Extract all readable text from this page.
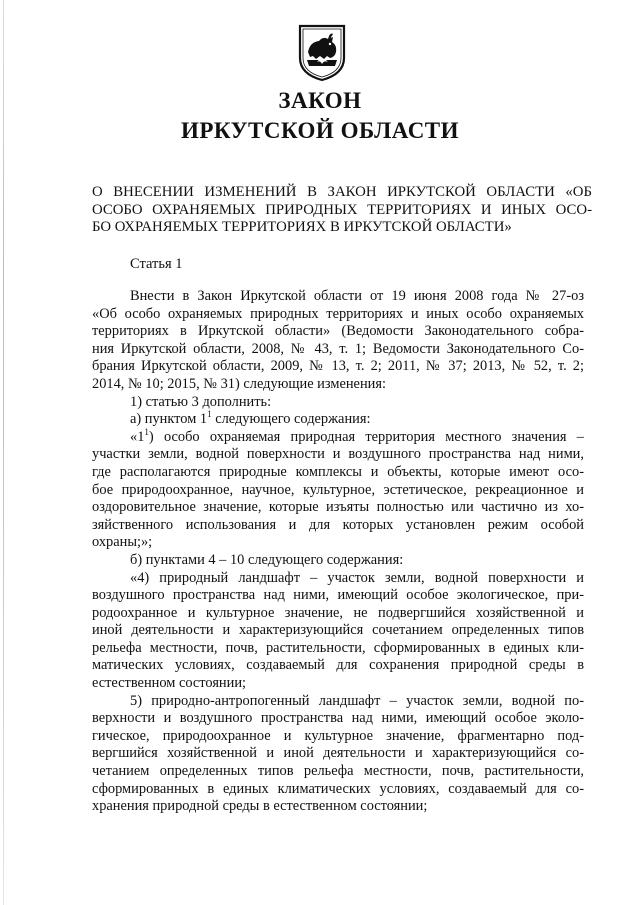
ЗАКОН
ИРКУТСКОЙ ОБЛАСТИ
О ВНЕСЕНИИ ИЗМЕНЕНИЙ В ЗАКОН ИРКУТСКОЙ ОБЛАСТИ «ОБ
ОСОБО ОХРАНЯЕМЫХ ПРИРОДНЫХ ТЕРРИТОРИЯХ И ИНЫХ ОСО-
БО ОХРАНЯЕМЫХ ТЕРРИТОРИЯХ В ИРКУТСКОЙ ОБЛАСТИ»
Статья 1
Внести в Закон Иркутской области от 19 июня 2008 года № 27-оз
«Об особо охраняемых природных территориях и иных особо охраняемых
территориях в Иркутской области» (Ведомости Законодательного собра-
ния Иркутской области, 2008, № 43, т. 1; Ведомости Законодательного Со-
брания Иркутской области, 2009, № 13, т. 2; 2011, № 37; 2013, № 52, т. 2;
2014, № 10; 2015, № 31) следующие изменения:
1) статью 3 дополнить:
а) пунктом $1^1$ следующего содержания:
«$1^1$) особо охраняемая природная территория местного значения –
участки земли, водной поверхности и воздушного пространства над ними,
где располагаются природные комплексы и объекты, которые имеют осо-
бое природоохранное, научное, культурное, эстетическое, рекреационное и
оздоровительное значение, которые изъяты полностью или частично из хо-
зяйственного использования и для которых установлен режим особой
охраны;»;
б) пунктами 4 – 10 следующего содержания:
«4) природный ландшафт – участок земли, водной поверхности и
воздушного пространства над ними, имеющий особое экологическое, при-
родоохранное и культурное значение, не подвергшийся хозяйственной и
иной деятельности и характеризующийся сочетанием определенных типов
рельефа местности, почв, растительности, сформированных в единых кли-
матических условиях, создаваемый для сохранения природной среды в
естественном состоянии;
5) природно-антропогенный ландшафт – участок земли, водной по-
верхности и воздушного пространства над ними, имеющий особое эколо-
гическое, природоохранное и культурное значение, фрагментарно под-
вергшийся хозяйственной и иной деятельности и характеризующийся со-
четанием определенных типов рельефа местности, почв, растительности,
сформированных в единых климатических условиях, создаваемый для со-
хранения природной среды в естественном состоянии;
